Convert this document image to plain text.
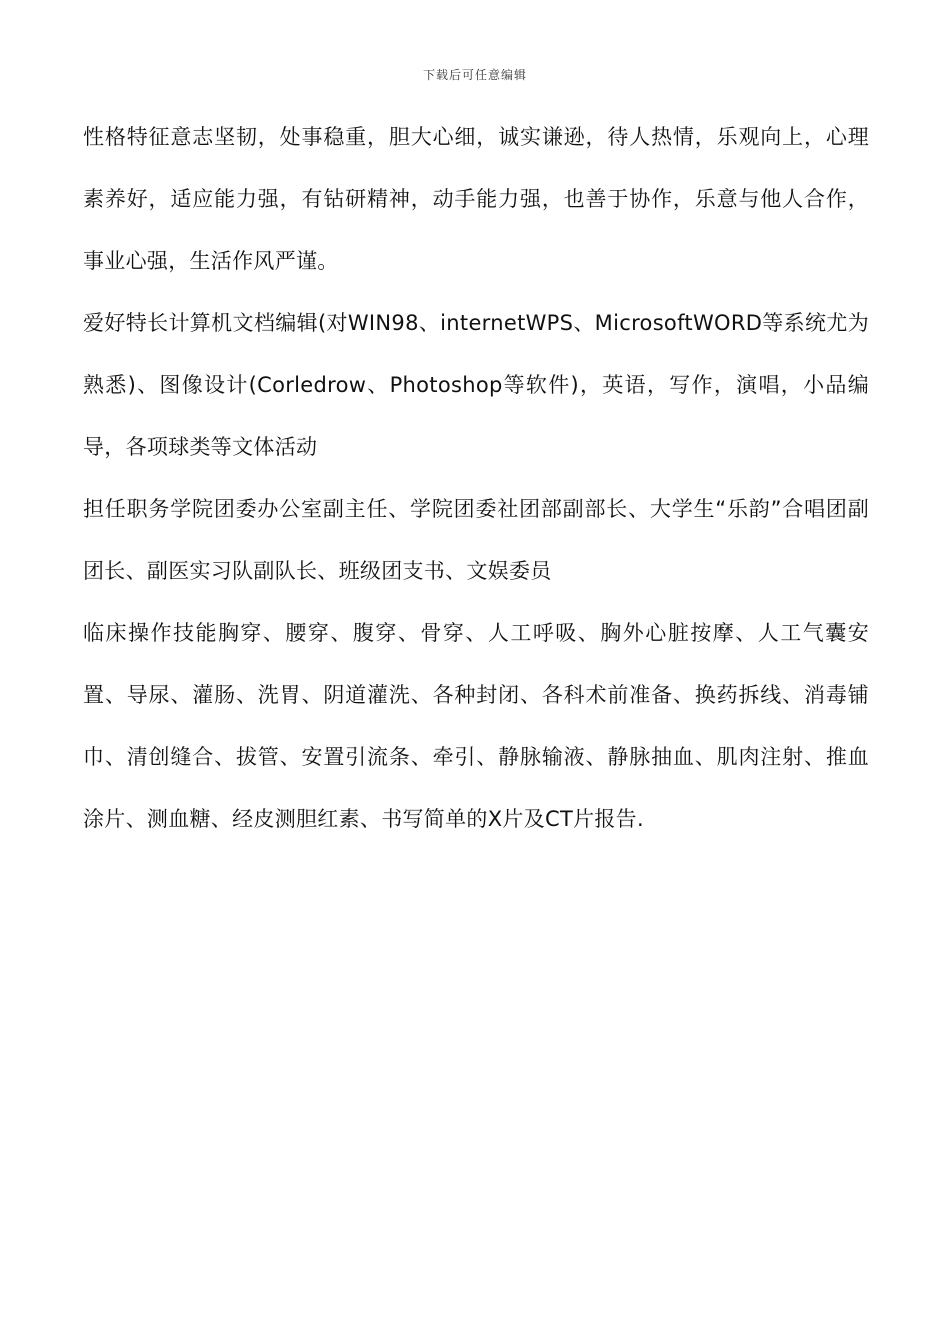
下载后可任意编辑

性格特征意志坚韧，处事稳重，胆大心细，诚实谦逊，待人热情，乐观向上，心理素养好，适应能力强，有钻研精神，动手能力强，也善于协作，乐意与他人合作，事业心强，生活作风严谨。

爱好特长计算机文档编辑(对WIN98、internetWPS、MicrosoftWORD等系统尤为熟悉)、图像设计(Corledrow、Photoshop等软件)，英语，写作，演唱，小品编导，各项球类等文体活动

担任职务学院团委办公室副主任、学院团委社团部副部长、大学生“乐韵”合唱团副团长、副医实习队副队长、班级团支书、文娱委员

临床操作技能胸穿、腰穿、腹穿、骨穿、人工呼吸、胸外心脏按摩、人工气囊安置、导尿、灌肠、洗胃、阴道灌洗、各种封闭、各科术前准备、换药拆线、消毒铺巾、清创缝合、拔管、安置引流条、牵引、静脉输液、静脉抽血、肌肉注射、推血涂片、测血糖、经皮测胆红素、书写简单的X片及CT片报告.
